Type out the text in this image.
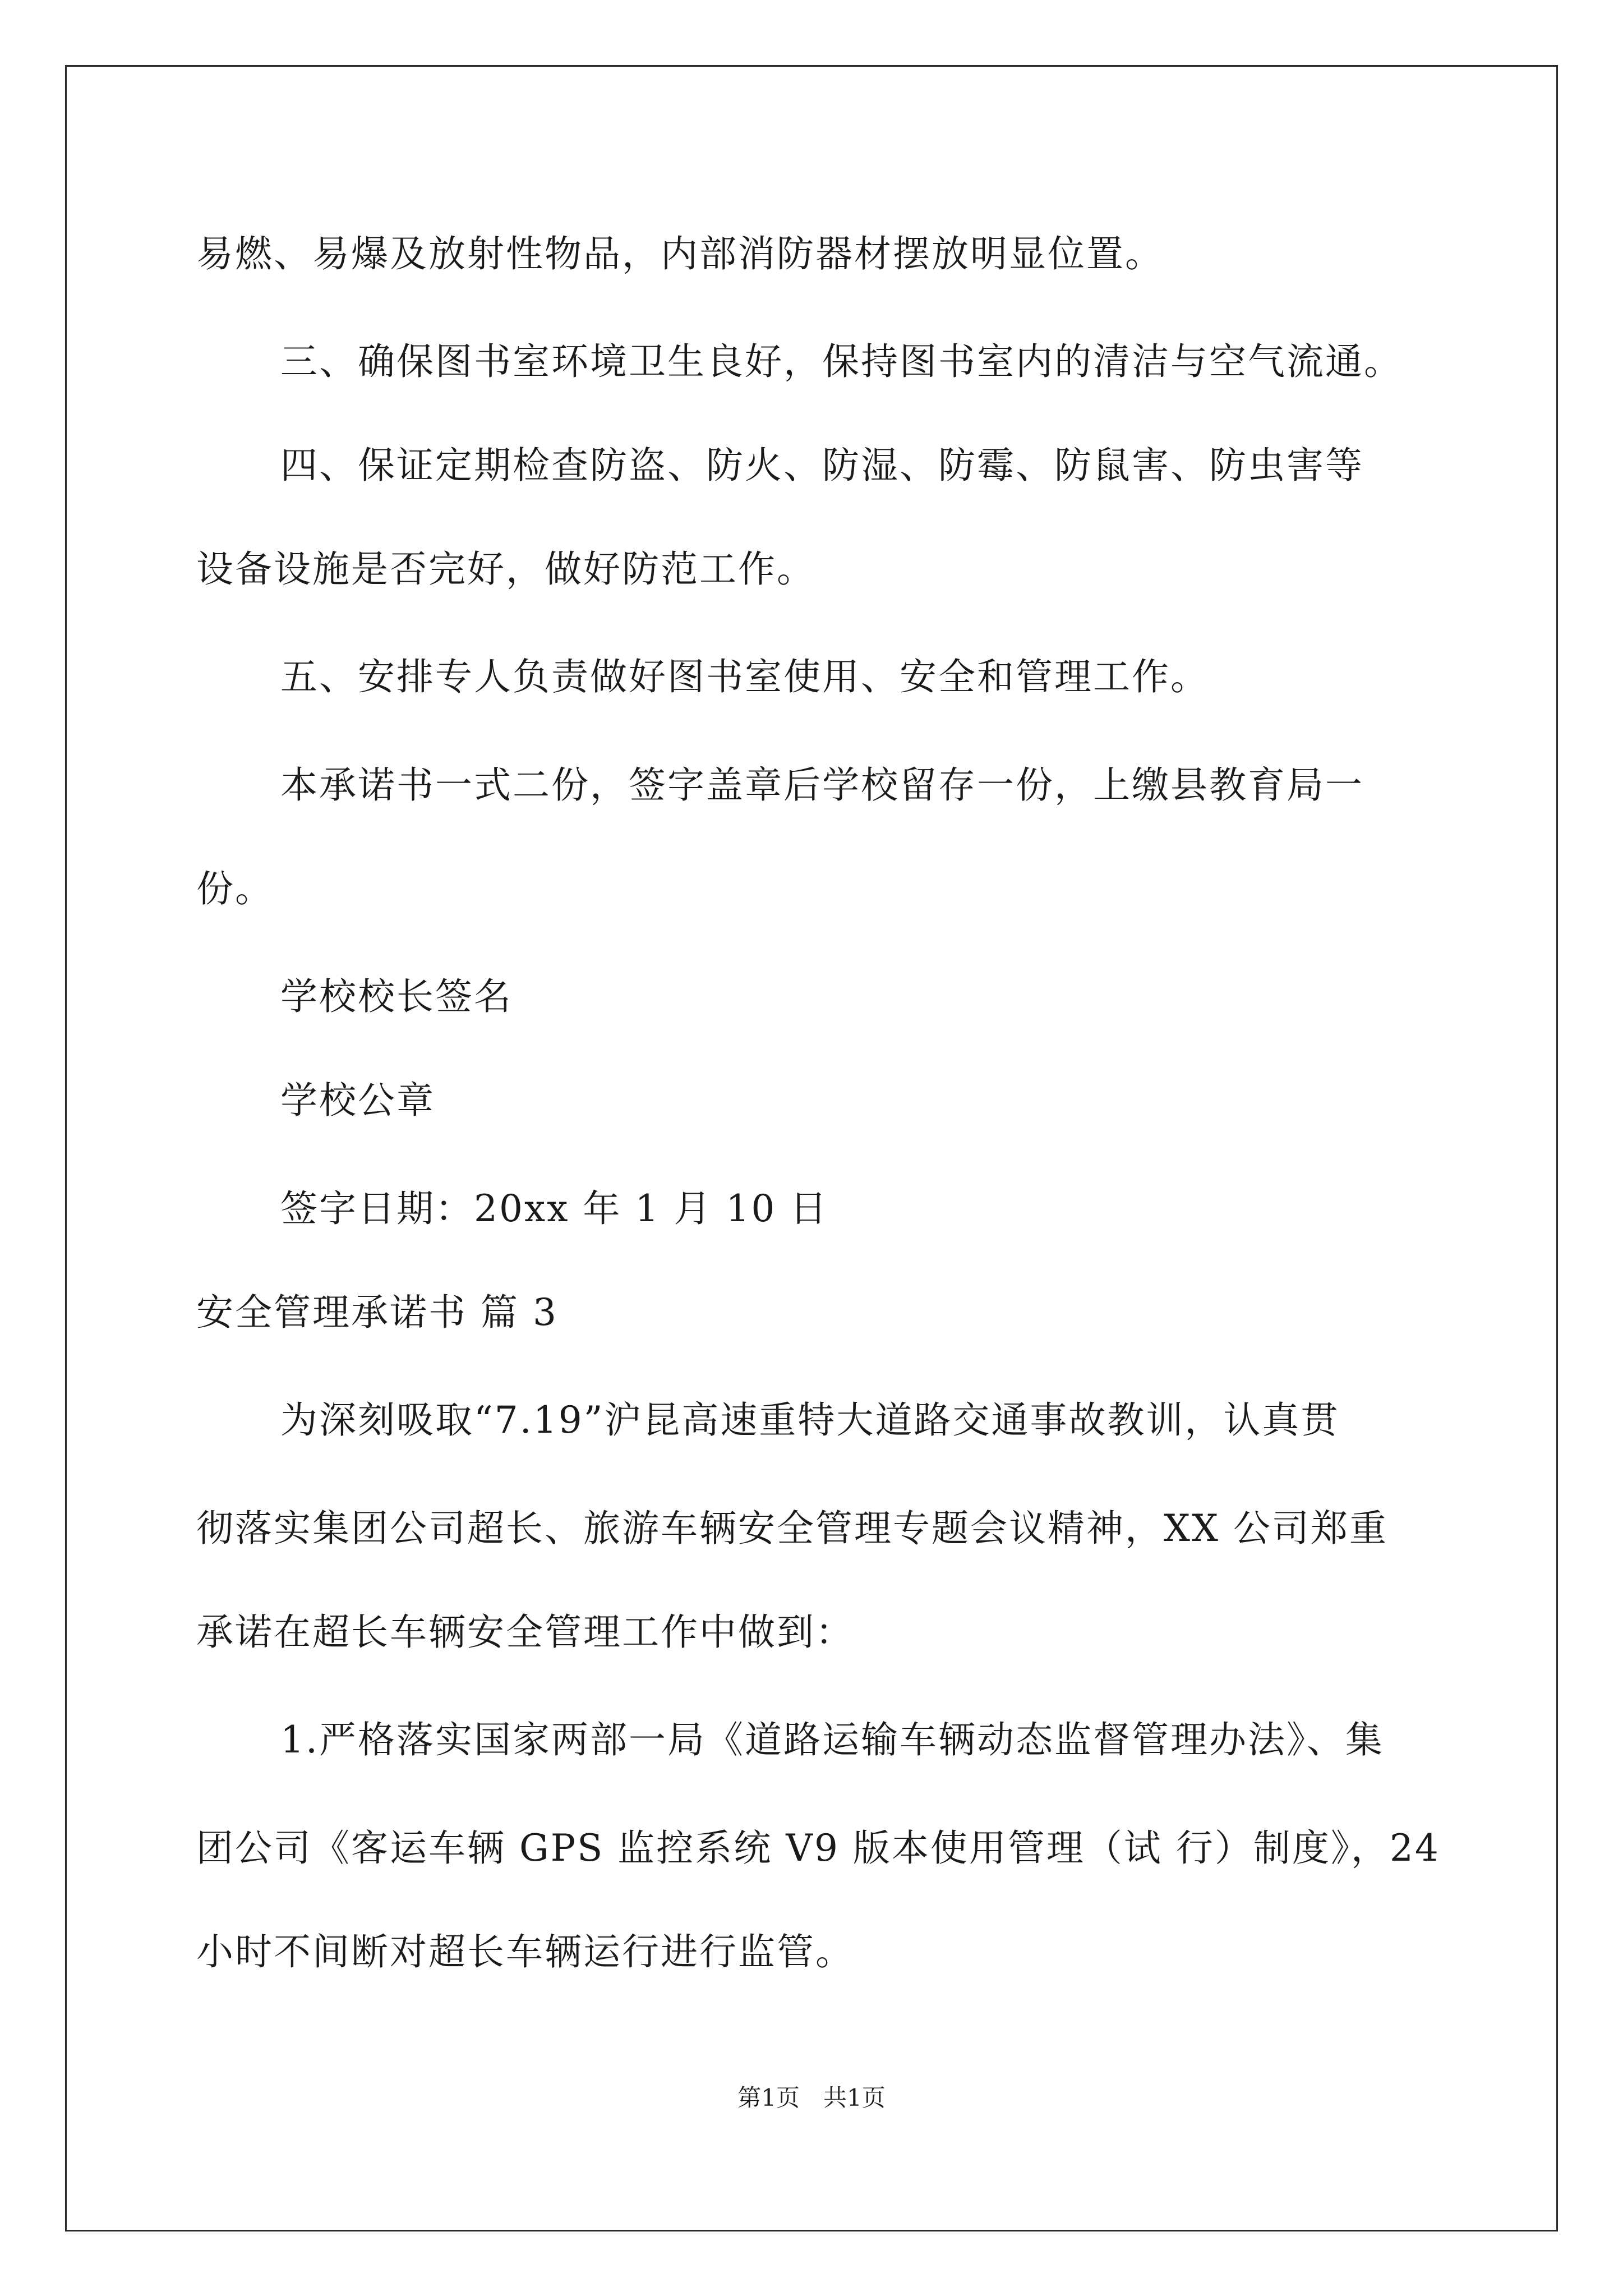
易燃、易爆及放射性物品，内部消防器材摆放明显位置。
三、确保图书室环境卫生良好，保持图书室内的清洁与空气流通。
四、保证定期检查防盗、防火、防湿、防霉、防鼠害、防虫害等
设备设施是否完好，做好防范工作。
五、安排专人负责做好图书室使用、安全和管理工作。
本承诺书一式二份，签字盖章后学校留存一份，上缴县教育局一
份。
学校校长签名
学校公章
签字日期：20xx 年 1 月 10 日
安全管理承诺书 篇 3
为深刻吸取“7.19”沪昆高速重特大道路交通事故教训，认真贯
彻落实集团公司超长、旅游车辆安全管理专题会议精神，XX 公司郑重
承诺在超长车辆安全管理工作中做到：
1.严格落实国家两部一局《道路运输车辆动态监督管理办法》、集
团公司《客运车辆 GPS 监控系统 V9 版本使用管理（试 行）制度》，24
小时不间断对超长车辆运行进行监管。
第1页　共1页
